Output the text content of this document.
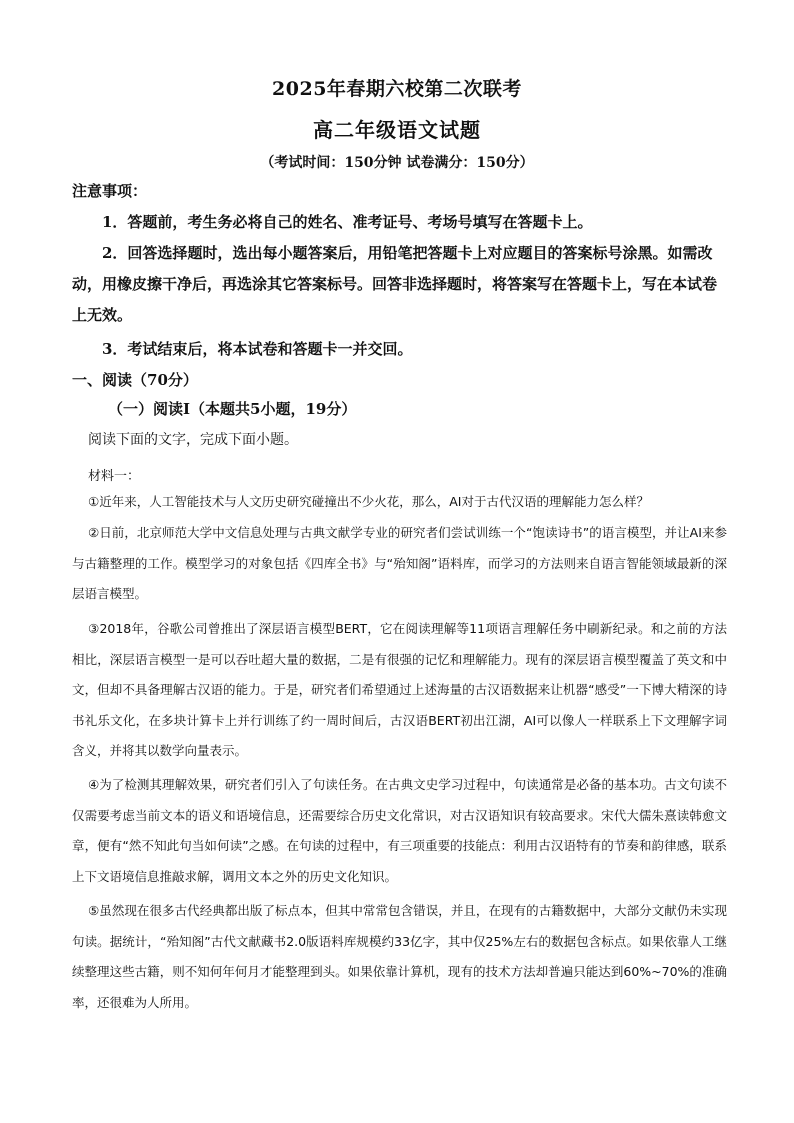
2025年春期六校第二次联考
高二年级语文试题
（考试时间：150分钟 试卷满分：150分）
注意事项：

1．答题前，考生务必将自己的姓名、准考证号、考场号填写在答题卡上。

2．回答选择题时，选出每小题答案后，用铅笔把答题卡上对应题目的答案标号涂黑。如需改动，用橡皮擦干净后，再选涂其它答案标号。回答非选择题时，将答案写在答题卡上，写在本试卷上无效。

3．考试结束后，将本试卷和答题卡一并交回。

一、阅读（70分）
（一）阅读Ⅰ（本题共5小题，19分）
阅读下面的文字，完成下面小题。
材料一：

①近年来，人工智能技术与人文历史研究碰撞出不少火花，那么，AI对于古代汉语的理解能力怎么样？

②日前，北京师范大学中文信息处理与古典文献学专业的研究者们尝试训练一个“饱读诗书”的语言模型，并让AI来参与古籍整理的工作。模型学习的对象包括《四库全书》与“殆知阁”语料库，而学习的方法则来自语言智能领域最新的深层语言模型。

③2018年，谷歌公司曾推出了深层语言模型BERT，它在阅读理解等11项语言理解任务中刷新纪录。和之前的方法相比，深层语言模型一是可以吞吐超大量的数据，二是有很强的记忆和理解能力。现有的深层语言模型覆盖了英文和中文，但却不具备理解古汉语的能力。于是，研究者们希望通过上述海量的古汉语数据来让机器“感受”一下博大精深的诗书礼乐文化，在多块计算卡上并行训练了约一周时间后，古汉语BERT初出江湖，AI可以像人一样联系上下文理解字词含义，并将其以数学向量表示。

④为了检测其理解效果，研究者们引入了句读任务。在古典文史学习过程中，句读通常是必备的基本功。古文句读不仅需要考虑当前文本的语义和语境信息，还需要综合历史文化常识，对古汉语知识有较高要求。宋代大儒朱熹读韩愈文章，便有“然不知此句当如何读”之感。在句读的过程中，有三项重要的技能点：利用古汉语特有的节奏和韵律感，联系上下文语境信息推敲求解，调用文本之外的历史文化知识。

⑤虽然现在很多古代经典都出版了标点本，但其中常常包含错误，并且，在现有的古籍数据中，大部分文献仍未实现句读。据统计，“殆知阁”古代文献藏书2.0版语料库规模约33亿字，其中仅25%左右的数据包含标点。如果依靠人工继续整理这些古籍，则不知何年何月才能整理到头。如果依靠计算机，现有的技术方法却普遍只能达到60%~70%的准确率，还很难为人所用。
